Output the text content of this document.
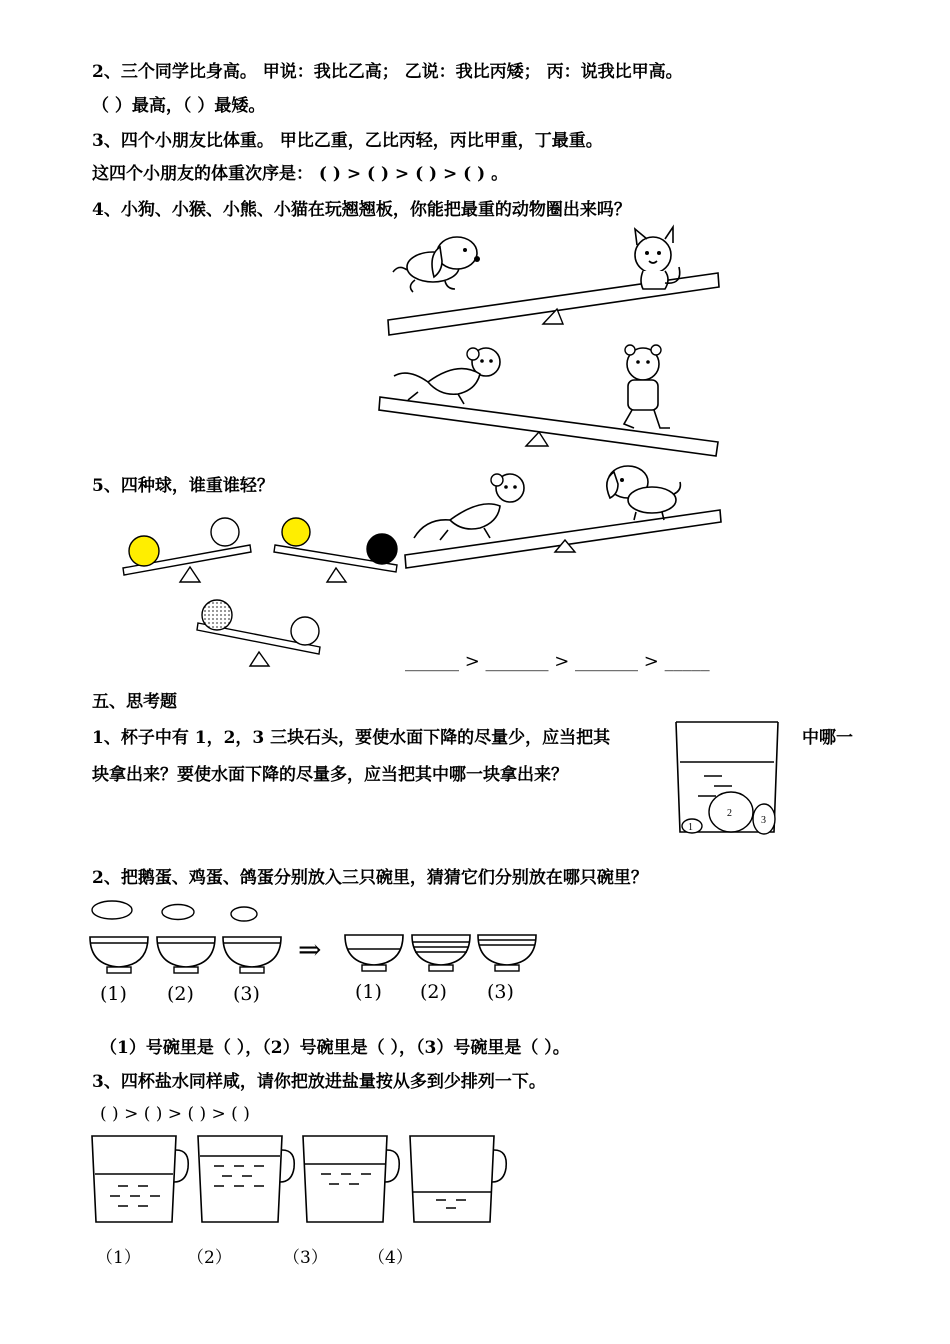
2、三个同学比身高。 甲说：我比乙高； 乙说：我比丙矮； 丙：说我比甲高。
（ ）最高，（ ）最矮。
3、四个小朋友比体重。 甲比乙重，乙比丙轻，丙比甲重，丁最重。
这四个小朋友的体重次序是： ( ) > ( ) > ( ) > ( ) 。
4、小狗、小猴、小熊、小猫在玩翘翘板，你能把最重的动物圈出来吗？
5、四种球，谁重谁轻？
______ > _______ > _______ > _____
五、思考题
1、杯子中有 1，2，3 三块石头，要使水面下降的尽量少，应当把其	中哪一
块拿出来？要使水面下降的尽量多，应当把其中哪一块拿出来？
1
2
3
2、把鹅蛋、鸡蛋、鸽蛋分别放入三只碗里，猜猜它们分别放在哪只碗里？
⇒
(1) (2) (3)	(1) (2) (3)
（1）号碗里是（ ），（2）号碗里是（ ），（3）号碗里是（ ）。
3、四杯盐水同样咸，请你把放进盐量按从多到少排列一下。
( ) > ( ) > ( ) > ( )
（1）	（2）	（3） （4）
